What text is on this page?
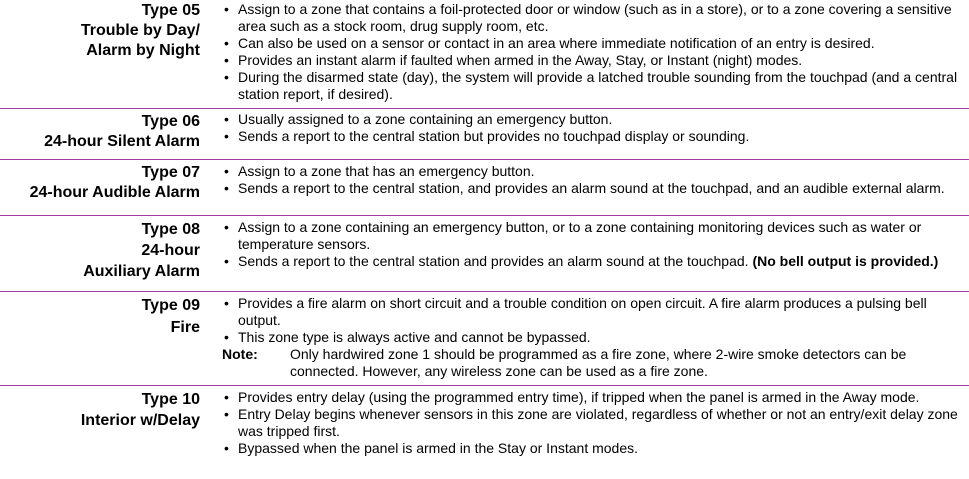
Type 05
Trouble by Day/
Alarm by Night
• Assign to a zone that contains a foil-protected door or window (such as in a store), or to a zone covering a sensitive area such as a stock room, drug supply room, etc.
• Can also be used on a sensor or contact in an area where immediate notification of an entry is desired.
• Provides an instant alarm if faulted when armed in the Away, Stay, or Instant (night) modes.
• During the disarmed state (day), the system will provide a latched trouble sounding from the touchpad (and a central station report, if desired).
Type 06
24-hour Silent Alarm
• Usually assigned to a zone containing an emergency button.
• Sends a report to the central station but provides no touchpad display or sounding.
Type 07
24-hour Audible Alarm
• Assign to a zone that has an emergency button.
• Sends a report to the central station, and provides an alarm sound at the touchpad, and an audible external alarm.
Type 08
24-hour
Auxiliary Alarm
• Assign to a zone containing an emergency button, or to a zone containing monitoring devices such as water or temperature sensors.
• Sends a report to the central station and provides an alarm sound at the touchpad. (No bell output is provided.)
Type 09
Fire
• Provides a fire alarm on short circuit and a trouble condition on open circuit. A fire alarm produces a pulsing bell output.
• This zone type is always active and cannot be bypassed.
Note:	Only hardwired zone 1 should be programmed as a fire zone, where 2-wire smoke detectors can be connected. However, any wireless zone can be used as a fire zone.
Type 10
Interior w/Delay
• Provides entry delay (using the programmed entry time), if tripped when the panel is armed in the Away mode.
• Entry Delay begins whenever sensors in this zone are violated, regardless of whether or not an entry/exit delay zone was tripped first.
• Bypassed when the panel is armed in the Stay or Instant modes.
